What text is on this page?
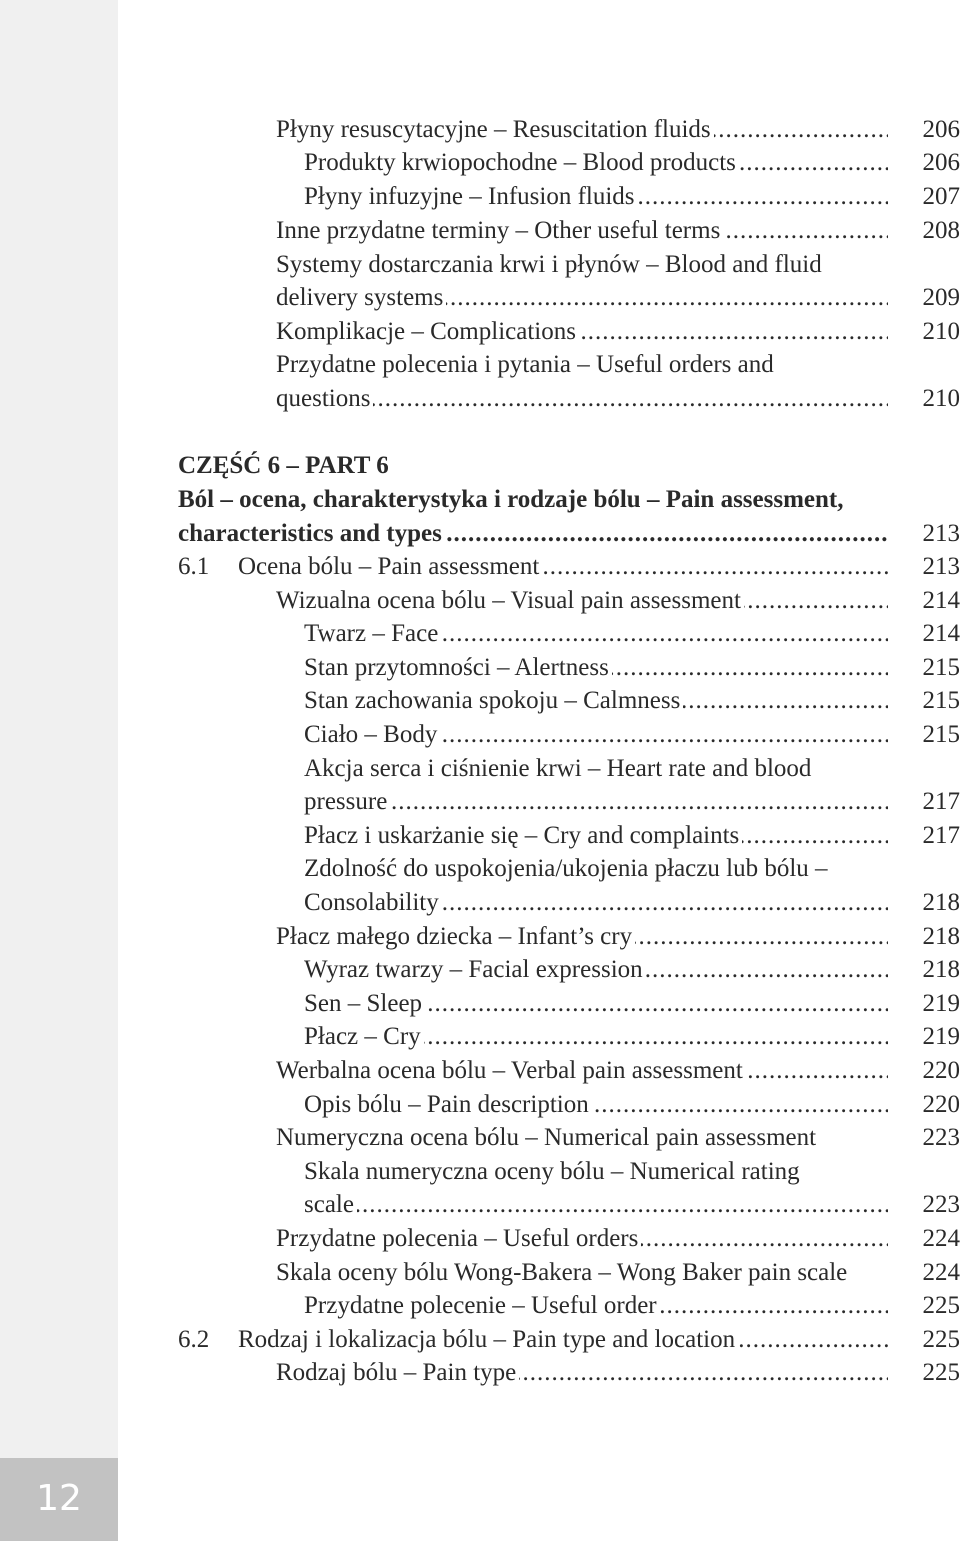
12
Płyny resuscytacyjne – Resuscitation fluids .....	206
Produkty krwiopochodne – Blood products .....	206
Płyny infuzyjne – Infusion fluids .....	207
Inne przydatne terminy – Other useful terms .....	208
Systemy dostarczania krwi i płynów – Blood and fluid
delivery systems .....	209
Komplikacje – Complications .....	210
Przydatne polecenia i pytania – Useful orders and
questions .....	210
CZĘŚĆ 6 – PART 6
Ból – ocena, charakterystyka i rodzaje bólu – Pain assessment,
characteristics and types .....	213
6.1 Ocena bólu – Pain assessment .....	213
Wizualna ocena bólu – Visual pain assessment .....	214
Twarz – Face .....	214
Stan przytomności – Alertness .....	215
Stan zachowania spokoju – Calmness .....	215
Ciało – Body .....	215
Akcja serca i ciśnienie krwi – Heart rate and blood
pressure .....	217
Płacz i uskarżanie się – Cry and complaints .....	217
Zdolność do uspokojenia/ukojenia płaczu lub bólu –
Consolability .....	218
Płacz małego dziecka – Infant’s cry .....	218
Wyraz twarzy – Facial expression .....	218
Sen – Sleep .....	219
Płacz – Cry .....	219
Werbalna ocena bólu – Verbal pain assessment .....	220
Opis bólu – Pain description .....	220
Numeryczna ocena bólu – Numerical pain assessment	223
Skala numeryczna oceny bólu – Numerical rating
scale .....	223
Przydatne polecenia – Useful orders .....	224
Skala oceny bólu Wong-Bakera – Wong Baker pain scale	224
Przydatne polecenie – Useful order .....	225
6.2 Rodzaj i lokalizacja bólu – Pain type and location .....	225
Rodzaj bólu – Pain type .....	225
